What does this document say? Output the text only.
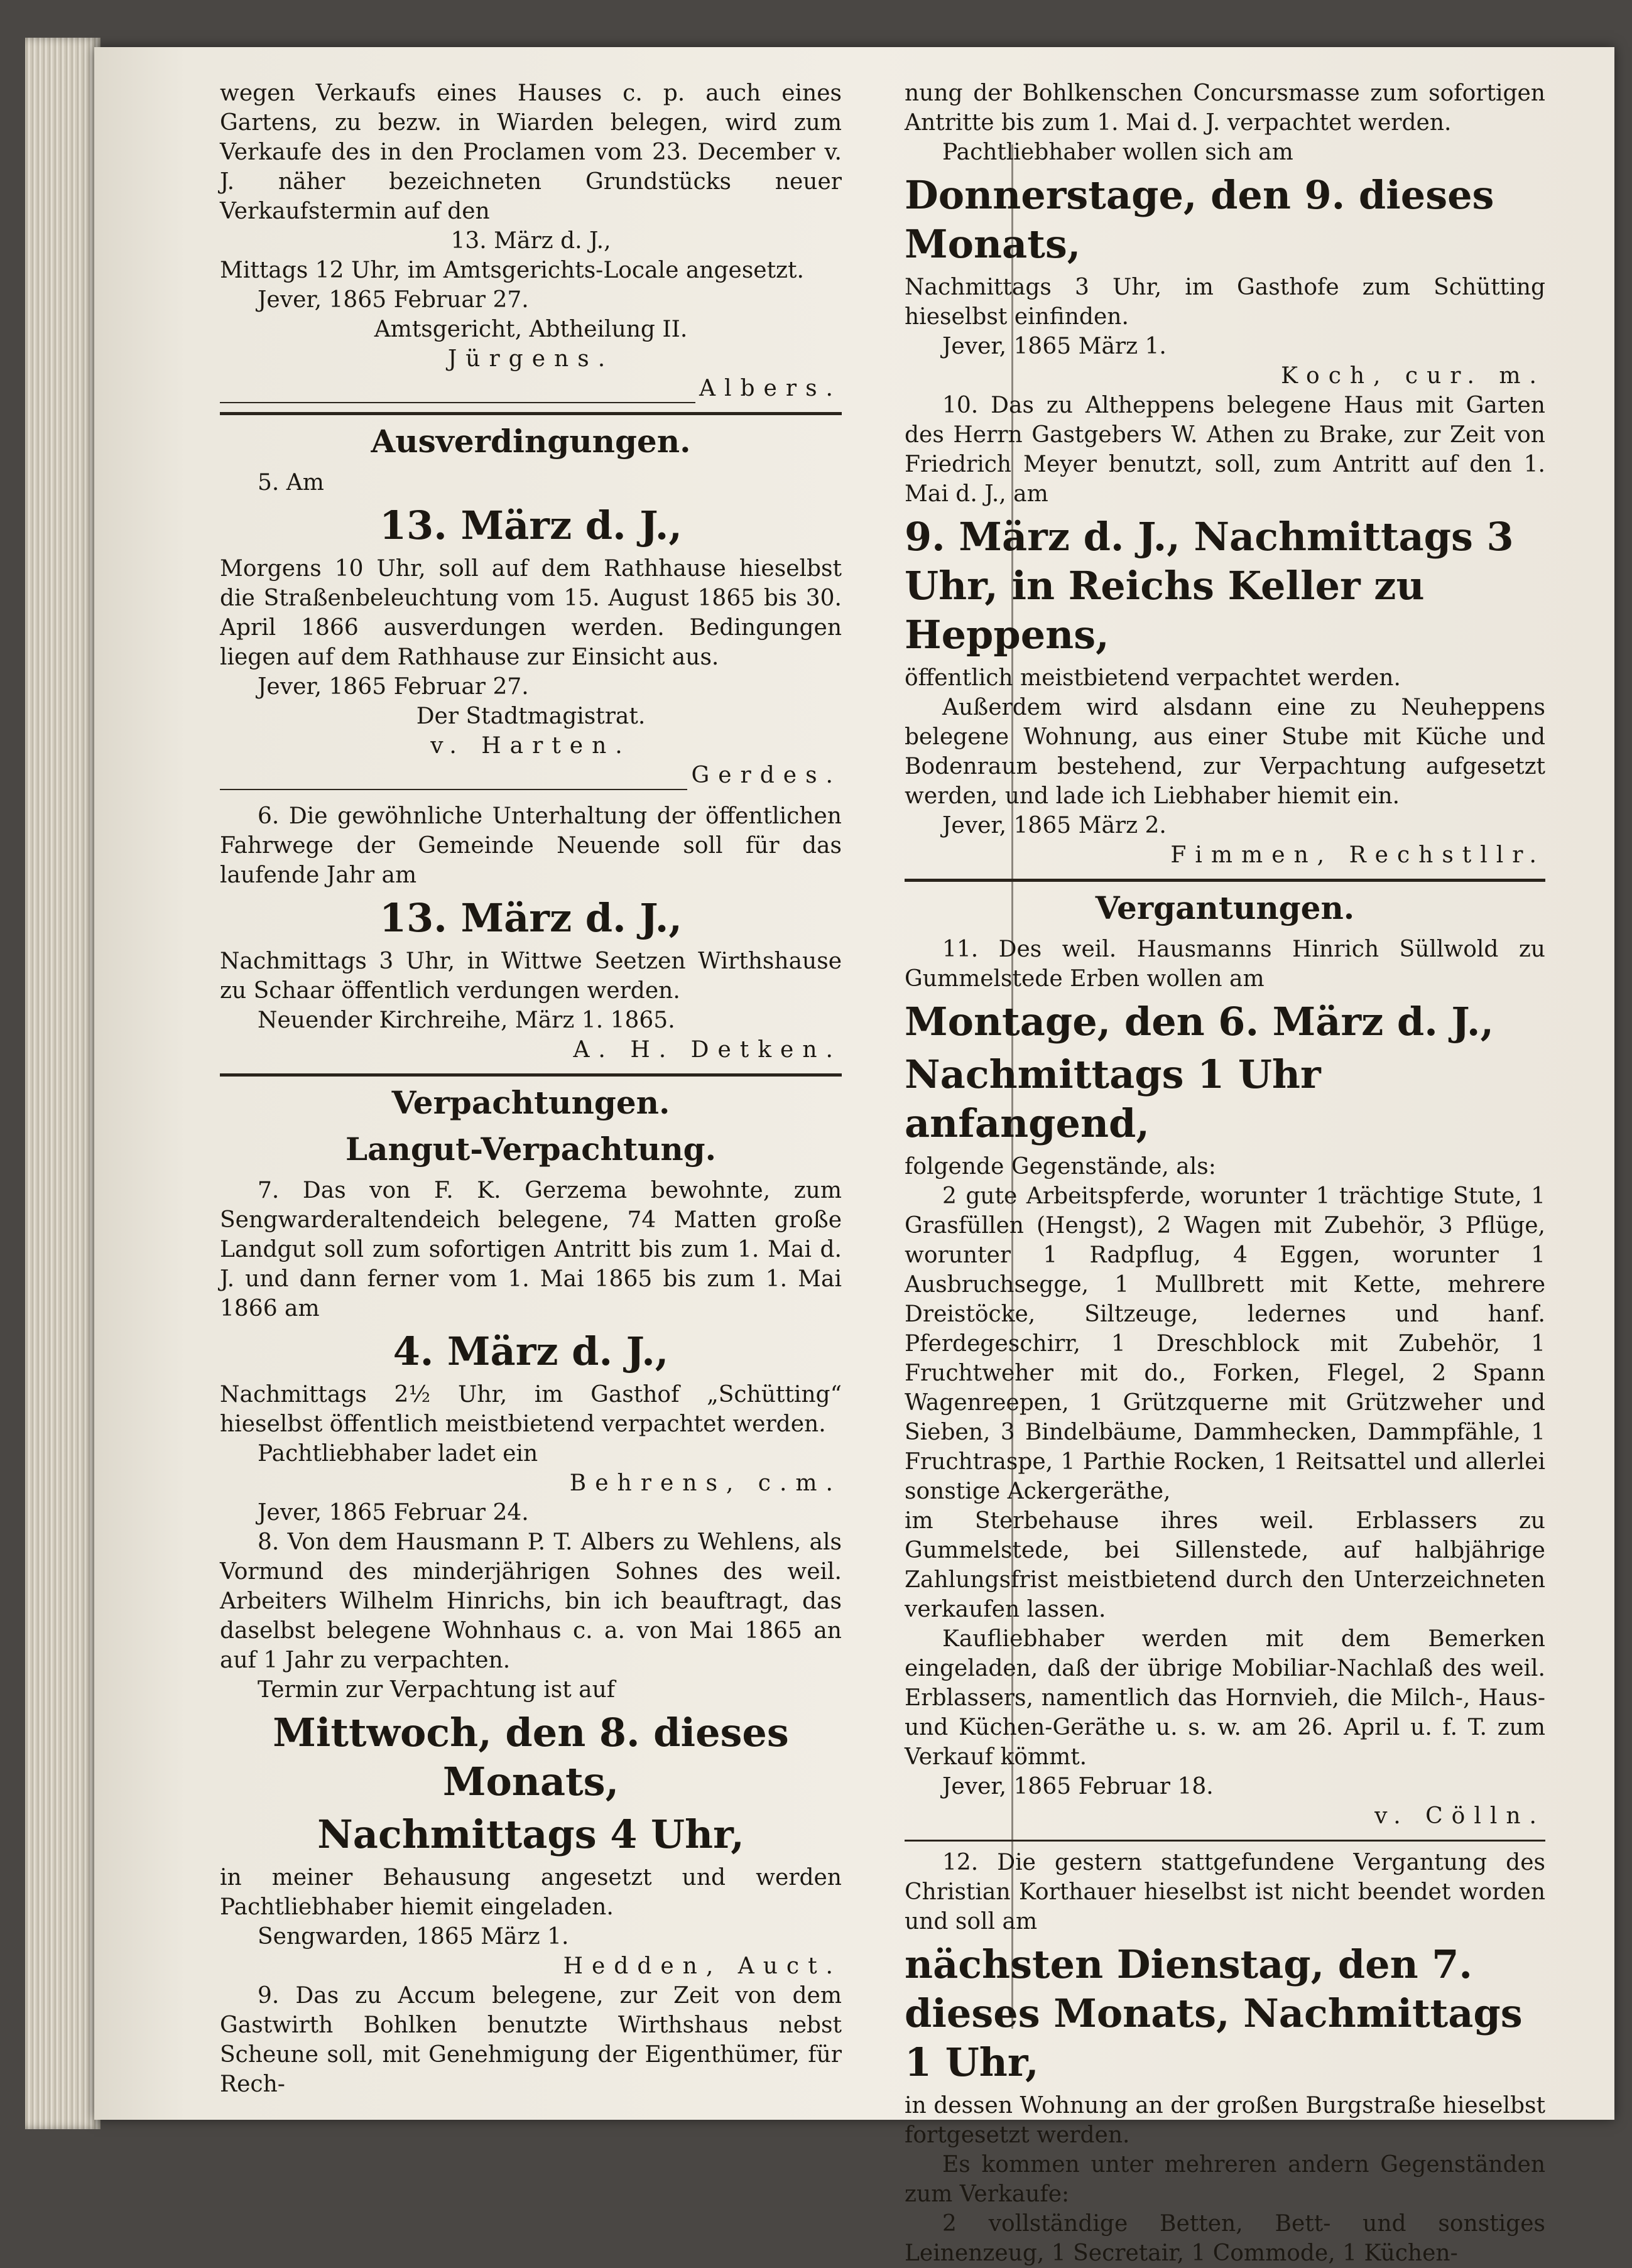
wegen Verkaufs eines Hauses c. p. auch eines Gartens, zu bezw. in Wiarden belegen, wird zum Verkaufe des in den Proclamen vom 23. December v. J. näher bezeichneten Grundstücks neuer Verkaufstermin auf den

13. März d. J.,

Mittags 12 Uhr, im Amtsgerichts-Locale angesetzt.

Jever, 1865 Februar 27.

Amtsgericht, Abtheilung II.

Jürgens.

Albers.

Ausverdingungen.

5. Am

13. März d. J.,

Morgens 10 Uhr, soll auf dem Rathhause hieselbst die Straßenbeleuchtung vom 15. August 1865 bis 30. April 1866 ausverdungen werden. Bedingungen liegen auf dem Rathhause zur Einsicht aus.

Jever, 1865 Februar 27.

Der Stadtmagistrat.

v. Harten.

Gerdes.

6. Die gewöhnliche Unterhaltung der öffentlichen Fahrwege der Gemeinde Neuende soll für das laufende Jahr am

13. März d. J.,

Nachmittags 3 Uhr, in Wittwe Seetzen Wirthshause zu Schaar öffentlich verdungen werden.

Neuender Kirchreihe, März 1. 1865.

A. H. Detken.

Verpachtungen.
Langut-Verpachtung.

7. Das von F. K. Gerzema bewohnte, zum Sengwarderaltendeich belegene, 74 Matten große Landgut soll zum sofortigen Antritt bis zum 1. Mai d. J. und dann ferner vom 1. Mai 1865 bis zum 1. Mai 1866 am

4. März d. J.,

Nachmittags 2½ Uhr, im Gasthof „Schütting“ hieselbst öffentlich meistbietend verpachtet werden.

Pachtliebhaber ladet ein

Behrens, c.m.

Jever, 1865 Februar 24.

8. Von dem Hausmann P. T. Albers zu Wehlens, als Vormund des minderjährigen Sohnes des weil. Arbeiters Wilhelm Hinrichs, bin ich beauftragt, das daselbst belegene Wohnhaus c. a. von Mai 1865 an auf 1 Jahr zu verpachten.

Termin zur Verpachtung ist auf

Mittwoch, den 8. dieses Monats,
Nachmittags 4 Uhr,

in meiner Behausung angesetzt und werden Pachtliebhaber hiemit eingeladen.

Sengwarden, 1865 März 1.

Hedden, Auct.

9. Das zu Accum belegene, zur Zeit von dem Gastwirth Bohlken benutzte Wirthshaus nebst Scheune soll, mit Genehmigung der Eigenthümer, für Rech-

nung der Bohlkenschen Concursmasse zum sofortigen Antritte bis zum 1. Mai d. J. verpachtet werden.

Pachtliebhaber wollen sich am

Donnerstage, den 9. dieses Monats,

Nachmittags 3 Uhr, im Gasthofe zum Schütting hieselbst einfinden.

Jever, 1865 März 1.

Koch, cur. m.

10. Das zu Altheppens belegene Haus mit Garten des Herrn Gastgebers W. Athen zu Brake, zur Zeit von Friedrich Meyer benutzt, soll, zum Antritt auf den 1. Mai d. J., am

9. März d. J., Nachmittags 3 Uhr, in Reichs Keller zu Heppens,

öffentlich meistbietend verpachtet werden.

Außerdem wird alsdann eine zu Neuheppens belegene Wohnung, aus einer Stube mit Küche und Bodenraum bestehend, zur Verpachtung aufgesetzt werden, und lade ich Liebhaber hiemit ein.

Jever, 1865 März 2.

Fimmen, Rechstllr.

Vergantungen.

11. Des weil. Hausmanns Hinrich Süllwold zu Gummelstede Erben wollen am

Montage, den 6. März d. J.,
Nachmittags 1 Uhr anfangend,

folgende Gegenstände, als:

2 gute Arbeitspferde, worunter 1 trächtige Stute, 1 Grasfüllen (Hengst), 2 Wagen mit Zubehör, 3 Pflüge, worunter 1 Radpflug, 4 Eggen, worunter 1 Ausbruchsegge, 1 Mullbrett mit Kette, mehrere Dreistöcke, Siltzeuge, ledernes und hanf. Pferdegeschirr, 1 Dreschblock mit Zubehör, 1 Fruchtweher mit do., Forken, Flegel, 2 Spann Wagenreepen, 1 Grützquerne mit Grützweher und Sieben, 3 Bindelbäume, Dammhecken, Dammpfähle, 1 Fruchtraspe, 1 Parthie Rocken, 1 Reitsattel und allerlei sonstige Ackergeräthe,

im Sterbehause ihres weil. Erblassers zu Gummelstede, bei Sillenstede, auf halbjährige Zahlungsfrist meistbietend durch den Unterzeichneten verkaufen lassen.

Kaufliebhaber werden mit dem Bemerken eingeladen, daß der übrige Mobiliar-Nachlaß des weil. Erblassers, namentlich das Hornvieh, die Milch-, Haus- und Küchen-Geräthe u. s. w. am 26. April u. f. T. zum Verkauf kömmt.

Jever, 1865 Februar 18.

v. Cölln.

12. Die gestern stattgefundene Vergantung des Christian Korthauer hieselbst ist nicht beendet worden und soll am

nächsten Dienstag, den 7. dieses Monats, Nachmittags 1 Uhr,

in dessen Wohnung an der großen Burgstraße hieselbst fortgesetzt werden.

Es kommen unter mehreren andern Gegenständen zum Verkaufe:

2 vollständige Betten, Bett- und sonstiges Leinenzeug, 1 Secretair, 1 Commode, 1 Küchen-
